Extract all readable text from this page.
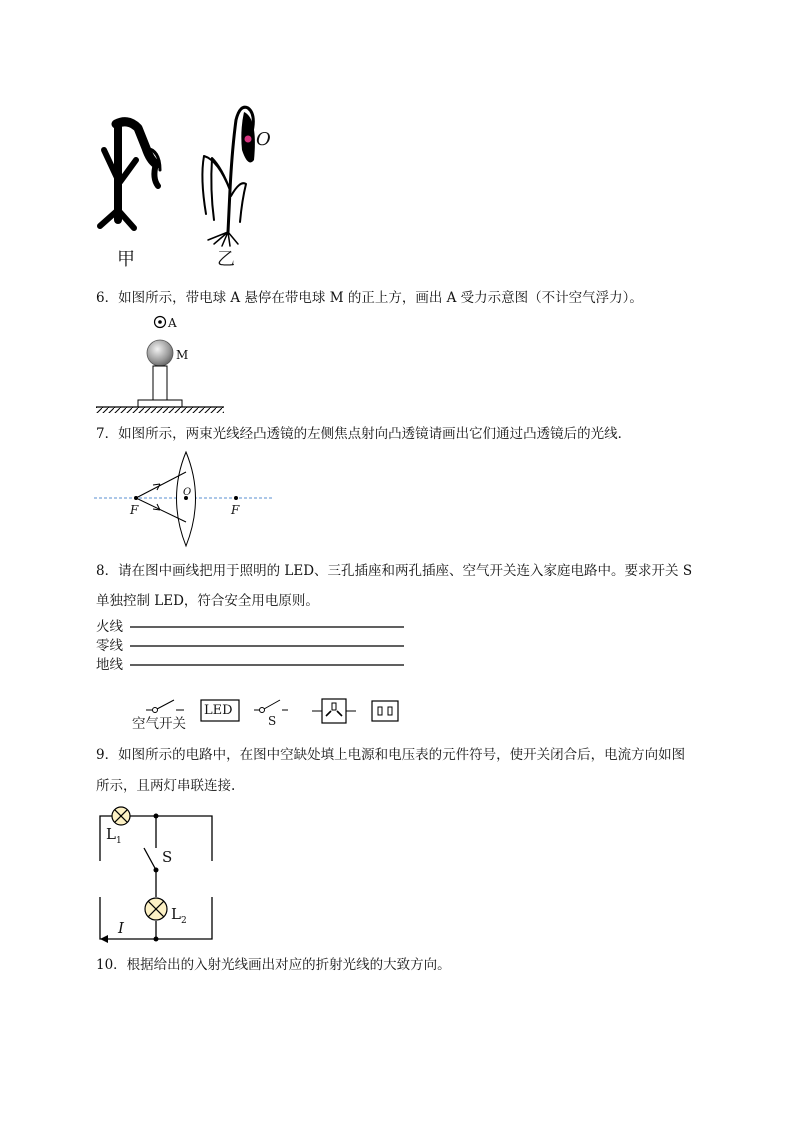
O
甲	乙
6．如图所示，带电球 A 悬停在带电球 M 的正上方，画出 A 受力示意图（不计空气浮力）。
A
M
7．如图所示，两束光线经凸透镜的左侧焦点射向凸透镜请画出它们通过凸透镜后的光线．
F
O
F
8．请在图中画线把用于照明的 LED、三孔插座和两孔插座、空气开关连入家庭电路中。要求开关 S
单独控制 LED，符合安全用电原则。
火线
零线
地线
LED
空气开关	S
9．如图所示的电路中，在图中空缺处填上电源和电压表的元件符号，使开关闭合后，电流方向如图
所示，且两灯串联连接.
$L_1$
S
$L_2$
I
10．根据给出的入射光线画出对应的折射光线的大致方向。
